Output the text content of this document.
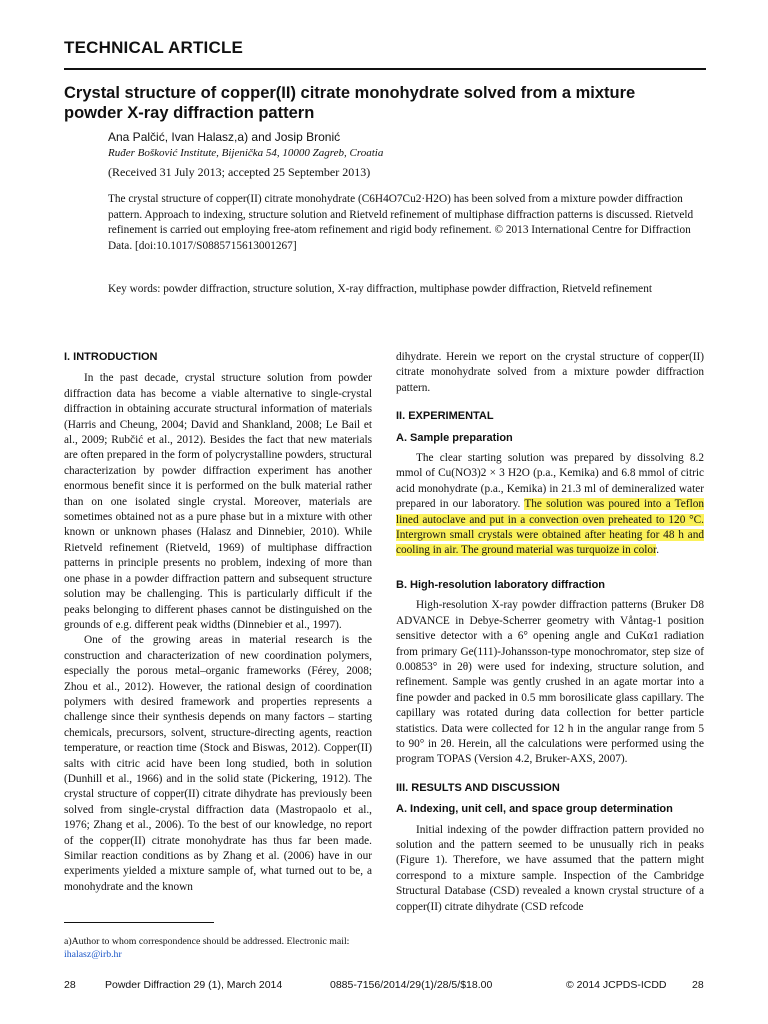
TECHNICAL ARTICLE
Crystal structure of copper(II) citrate monohydrate solved from a mixture powder X-ray diffraction pattern
Ana Palčić, Ivan Halasz,a) and Josip Bronić
Ruđer Bošković Institute, Bijenička 54, 10000 Zagreb, Croatia
(Received 31 July 2013; accepted 25 September 2013)
The crystal structure of copper(II) citrate monohydrate (C6H4O7Cu2·H2O) has been solved from a mixture powder diffraction pattern. Approach to indexing, structure solution and Rietveld refinement of multiphase diffraction patterns is discussed. Rietveld refinement is carried out employing free-atom refinement and rigid body refinement. © 2013 International Centre for Diffraction Data. [doi:10.1017/S0885715613001267]
Key words: powder diffraction, structure solution, X-ray diffraction, multiphase powder diffraction, Rietveld refinement
I. INTRODUCTION

In the past decade, crystal structure solution from powder diffraction data has become a viable alternative to single-crystal diffraction in obtaining accurate structural information of materials (Harris and Cheung, 2004; David and Shankland, 2008; Le Bail et al., 2009; Rubčić et al., 2012). Besides the fact that new materials are often prepared in the form of polycrystalline powders, structural characterization by powder diffraction experiment has another enormous benefit since it is performed on the bulk material rather than on one isolated single crystal. Moreover, materials are sometimes obtained not as a pure phase but in a mixture with other known or unknown phases (Halasz and Dinnebier, 2010). While Rietveld refinement (Rietveld, 1969) of multiphase diffraction patterns in principle presents no problem, indexing of more than one phase in a powder diffraction pattern and subsequent structure solution may be challenging. This is particularly difficult if the peaks belonging to different phases cannot be distinguished on the grounds of e.g. different peak widths (Dinnebier et al., 1997).

One of the growing areas in material research is the construction and characterization of new coordination polymers, especially the porous metal–organic frameworks (Férey, 2008; Zhou et al., 2012). However, the rational design of coordination polymers with desired framework and properties represents a challenge since their synthesis depends on many factors – starting chemicals, precursors, solvent, structure-directing agents, reaction temperature, or reaction time (Stock and Biswas, 2012). Copper(II) salts with citric acid have been long studied, both in solution (Dunhill et al., 1966) and in the solid state (Pickering, 1912). The crystal structure of copper(II) citrate dihydrate has previously been solved from single-crystal diffraction data (Mastropaolo et al., 1976; Zhang et al., 2006). To the best of our knowledge, no report of the copper(II) citrate monohydrate has thus far been made. Similar reaction conditions as by Zhang et al. (2006) have in our experiments yielded a mixture sample of, what turned out to be, a monohydrate and the known

dihydrate. Herein we report on the crystal structure of copper(II) citrate monohydrate solved from a mixture powder diffraction pattern.

II. EXPERIMENTAL
A. Sample preparation

The clear starting solution was prepared by dissolving 8.2 mmol of Cu(NO3)2 × 3 H2O (p.a., Kemika) and 6.8 mmol of citric acid monohydrate (p.a., Kemika) in 21.3 ml of demineralized water prepared in our laboratory. The solution was poured into a Teflon lined autoclave and put in a convection oven preheated to 120 °C. Intergrown small crystals were obtained after heating for 48 h and cooling in air. The ground material was turquoize in color.

B. High-resolution laboratory diffraction

High-resolution X-ray powder diffraction patterns (Bruker D8 ADVANCE in Debye-Scherrer geometry with Våntag-1 position sensitive detector with a 6° opening angle and CuKα1 radiation from primary Ge(111)-Johansson-type monochromator, step size of 0.00853° in 2θ) were used for indexing, structure solution, and refinement. Sample was gently crushed in an agate mortar into a fine powder and packed in 0.5 mm borosilicate glass capillary. The capillary was rotated during data collection for better particle statistics. Data were collected for 12 h in the angular range from 5 to 90° in 2θ. Herein, all the calculations were performed using the program TOPAS (Version 4.2, Bruker-AXS, 2007).

III. RESULTS AND DISCUSSION
A. Indexing, unit cell, and space group determination

Initial indexing of the powder diffraction pattern provided no solution and the pattern seemed to be unusually rich in peaks (Figure 1). Therefore, we have assumed that the pattern might correspond to a mixture sample. Inspection of the Cambridge Structural Database (CSD) revealed a known crystal structure of a copper(II) citrate dihydrate (CSD refcode

a)Author to whom correspondence should be addressed. Electronic mail:
ihalasz@irb.hr
28	Powder Diffraction 29 (1), March 2014	0885-7156/2014/29(1)/28/5/$18.00	© 2014 JCPDS-ICDD 28
